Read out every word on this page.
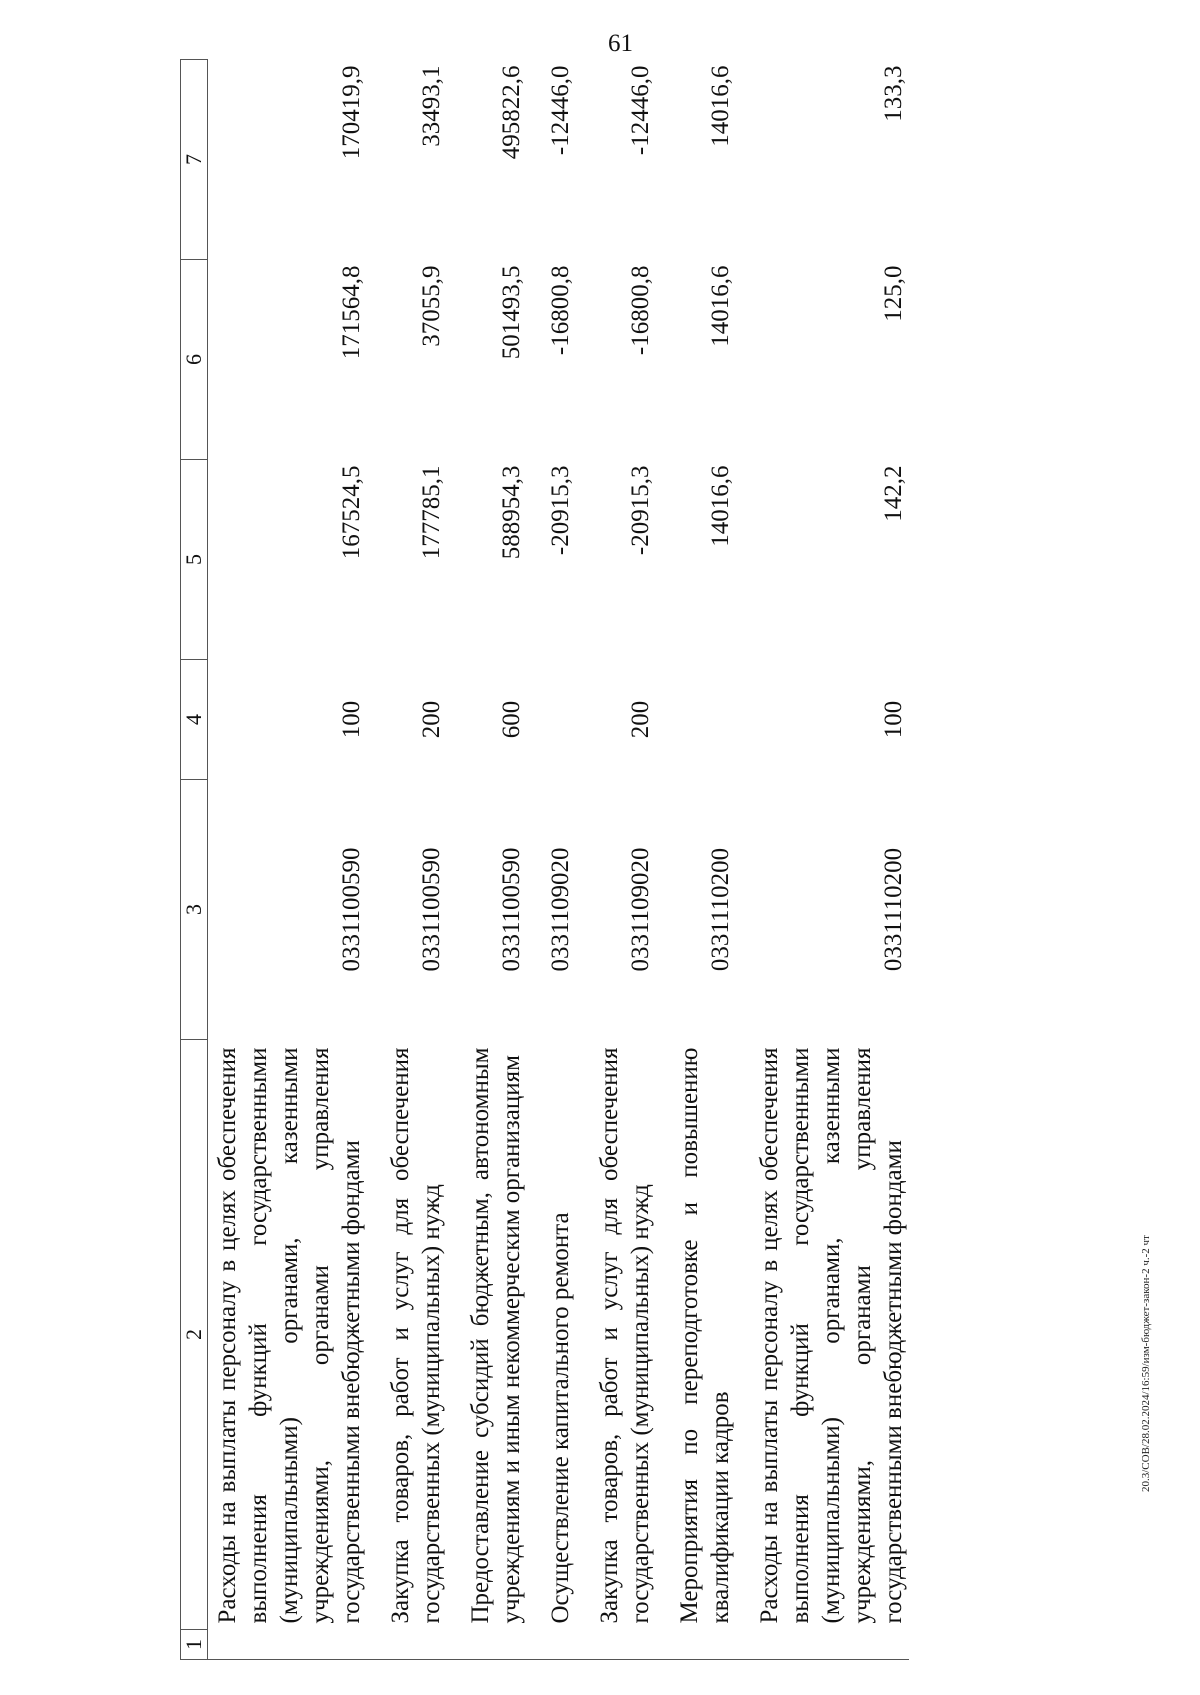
61
20.3/СОВ/28.02.2024/16:59/изм-бюджет-закон-2 ч.-2 чт
1	2	3	4	5	6	7
	Расходы на выплаты персоналу в целях обеспечения выполнения функций государственными (муниципальными) органами, казенными учреждениями, органами управления государственными внебюджетными фондами	0331100590	100	167524,5	171564,8	170419,9
	Закупка товаров, работ и услуг для обеспечения государственных (муниципальных) нужд	0331100590	200	177785,1	37055,9	33493,1
	Предоставление субсидий бюджетным, автономным учреждениям и иным некоммерческим организациям	0331100590	600	588954,3	501493,5	495822,6
	Осуществление капитального ремонта	0331109020		-20915,3	-16800,8	-12446,0
	Закупка товаров, работ и услуг для обеспечения государственных (муниципальных) нужд	0331109020	200	-20915,3	-16800,8	-12446,0
	Мероприятия по переподготовке и повышению квалификации кадров	0331110200		14016,6	14016,6	14016,6
	Расходы на выплаты персоналу в целях обеспечения выполнения функций государственными (муниципальными) органами, казенными учреждениями, органами управления государственными внебюджетными фондами	0331110200	100	142,2	125,0	133,3
